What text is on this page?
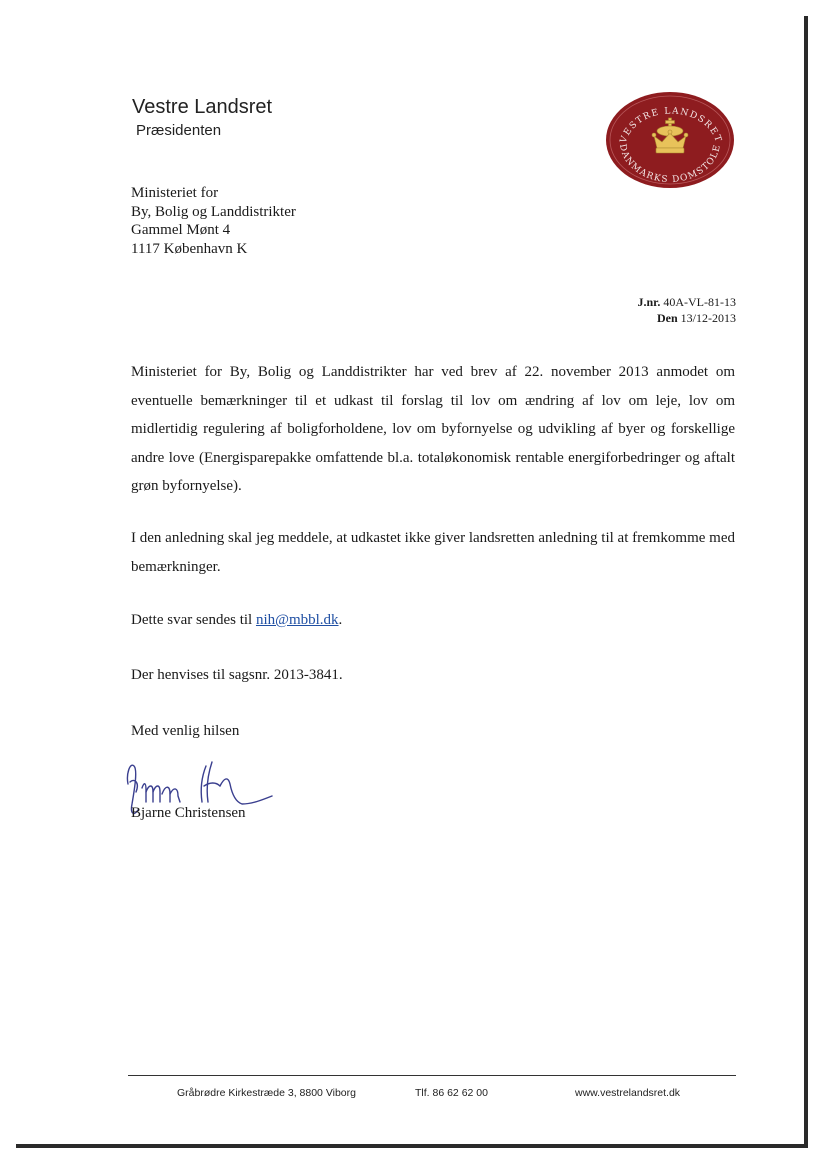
Vestre Landsret
Præsidenten
VESTRE LANDSRET
DANMARKS DOMSTOLE
Ministeriet for
By, Bolig og Landdistrikter
Gammel Mønt 4
1117 København K
J.nr. 40A-VL-81-13
Den 13/12-2013
Ministeriet for By, Bolig og Landdistrikter har ved brev af 22. november 2013 anmodet om eventuelle bemærkninger til et udkast til forslag til lov om ændring af lov om leje, lov om midlertidig regulering af boligforholdene, lov om byfornyelse og udvikling af byer og forskellige andre love (Energisparepakke omfattende bl.a. totaløkonomisk rentable energiforbedringer og aftalt grøn byfornyelse).
I den anledning skal jeg meddele, at udkastet ikke giver landsretten anledning til at fremkomme med bemærkninger.
Dette svar sendes til nih@mbbl.dk.
Der henvises til sagsnr. 2013-3841.
Med venlig hilsen
Bjarne Christensen
Gråbrødre Kirkestræde 3, 8800 Viborg	Tlf. 86 62 62 00	www.vestrelandsret.dk
